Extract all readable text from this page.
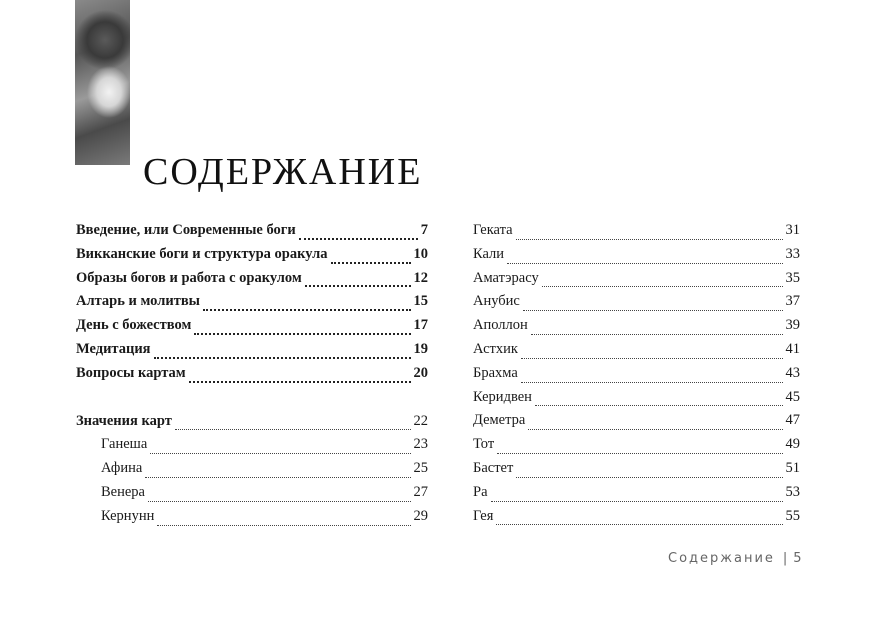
СОДЕРЖАНИЕ
Введение, или Современные боги	7
Викканские боги и структура оракула	10
Образы богов и работа с оракулом	12
Алтарь и молитвы	15
День с божеством	17
Медитация	19
Вопросы картам	20
Значения карт	22
Ганеша	23
Афина	25
Венера	27
Кернунн	29
Геката	31
Кали	33
Аматэрасу	35
Анубис	37
Аполлон	39
Астхик	41
Брахма	43
Керидвен	45
Деметра	47
Тот	49
Бастет	51
Ра	53
Гея	55
Содержание | 5
